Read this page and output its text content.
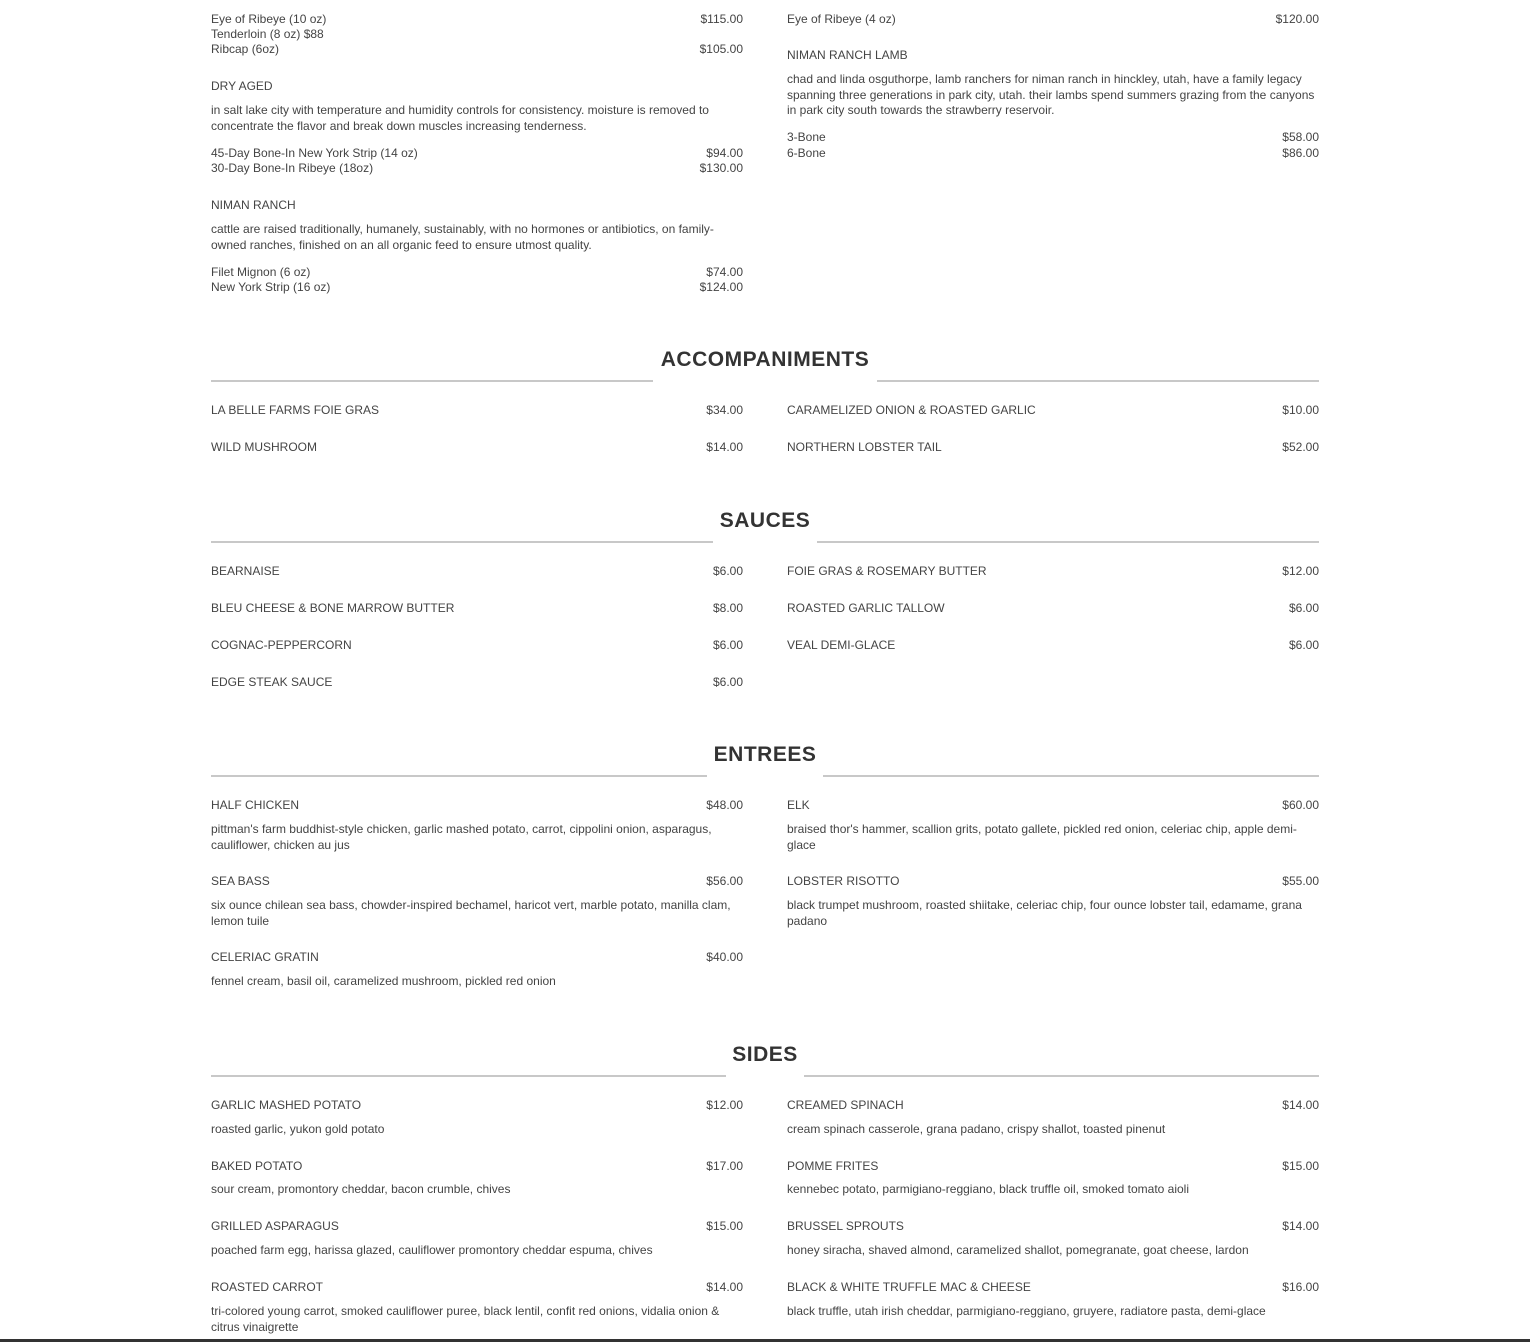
Eye of Ribeye (10 oz)	$115.00
Tenderloin (8 oz) $88
Ribcap (6oz)	$105.00
DRY AGED
in salt lake city with temperature and humidity controls for consistency. moisture is removed to concentrate the flavor and break down muscles increasing tenderness.
45-Day Bone-In New York Strip (14 oz)	$94.00
30-Day Bone-In Ribeye (18oz)	$130.00
NIMAN RANCH
cattle are raised traditionally, humanely, sustainably, with no hormones or antibiotics, on family-owned ranches, finished on an all organic feed to ensure utmost quality.
Filet Mignon (6 oz)	$74.00
New York Strip (16 oz)	$124.00
Eye of Ribeye (4 oz)	$120.00
NIMAN RANCH LAMB
chad and linda osguthorpe, lamb ranchers for niman ranch in hinckley, utah, have a family legacy spanning three generations in park city, utah. their lambs spend summers grazing from the canyons in park city south towards the strawberry reservoir.
3-Bone	$58.00
6-Bone	$86.00
ACCOMPANIMENTS
LA BELLE FARMS FOIE GRAS	$34.00	CARAMELIZED ONION & ROASTED GARLIC	$10.00
WILD MUSHROOM	$14.00	NORTHERN LOBSTER TAIL	$52.00
SAUCES
BEARNAISE	$6.00	FOIE GRAS & ROSEMARY BUTTER	$12.00
BLEU CHEESE & BONE MARROW BUTTER	$8.00	ROASTED GARLIC TALLOW	$6.00
COGNAC-PEPPERCORN	$6.00	VEAL DEMI-GLACE	$6.00
EDGE STEAK SAUCE	$6.00
ENTREES
HALF CHICKEN	$48.00
pittman's farm buddhist-style chicken, garlic mashed potato, carrot, cippolini onion, asparagus, cauliflower, chicken au jus
ELK	$60.00
braised thor's hammer, scallion grits, potato gallete, pickled red onion, celeriac chip, apple demi-glace
SEA BASS	$56.00
six ounce chilean sea bass, chowder-inspired bechamel, haricot vert, marble potato, manilla clam, lemon tuile
LOBSTER RISOTTO	$55.00
black trumpet mushroom, roasted shiitake, celeriac chip, four ounce lobster tail, edamame, grana padano
CELERIAC GRATIN	$40.00
fennel cream, basil oil, caramelized mushroom, pickled red onion
SIDES
GARLIC MASHED POTATO	$12.00
roasted garlic, yukon gold potato
CREAMED SPINACH	$14.00
cream spinach casserole, grana padano, crispy shallot, toasted pinenut
BAKED POTATO	$17.00
sour cream, promontory cheddar, bacon crumble, chives
POMME FRITES	$15.00
kennebec potato, parmigiano-reggiano, black truffle oil, smoked tomato aioli
GRILLED ASPARAGUS	$15.00
poached farm egg, harissa glazed, cauliflower promontory cheddar espuma, chives
BRUSSEL SPROUTS	$14.00
honey siracha, shaved almond, caramelized shallot, pomegranate, goat cheese, lardon
ROASTED CARROT	$14.00
tri-colored young carrot, smoked cauliflower puree, black lentil, confit red onions, vidalia onion & citrus vinaigrette
BLACK & WHITE TRUFFLE MAC & CHEESE	$16.00
black truffle, utah irish cheddar, parmigiano-reggiano, gruyere, radiatore pasta, demi-glace
